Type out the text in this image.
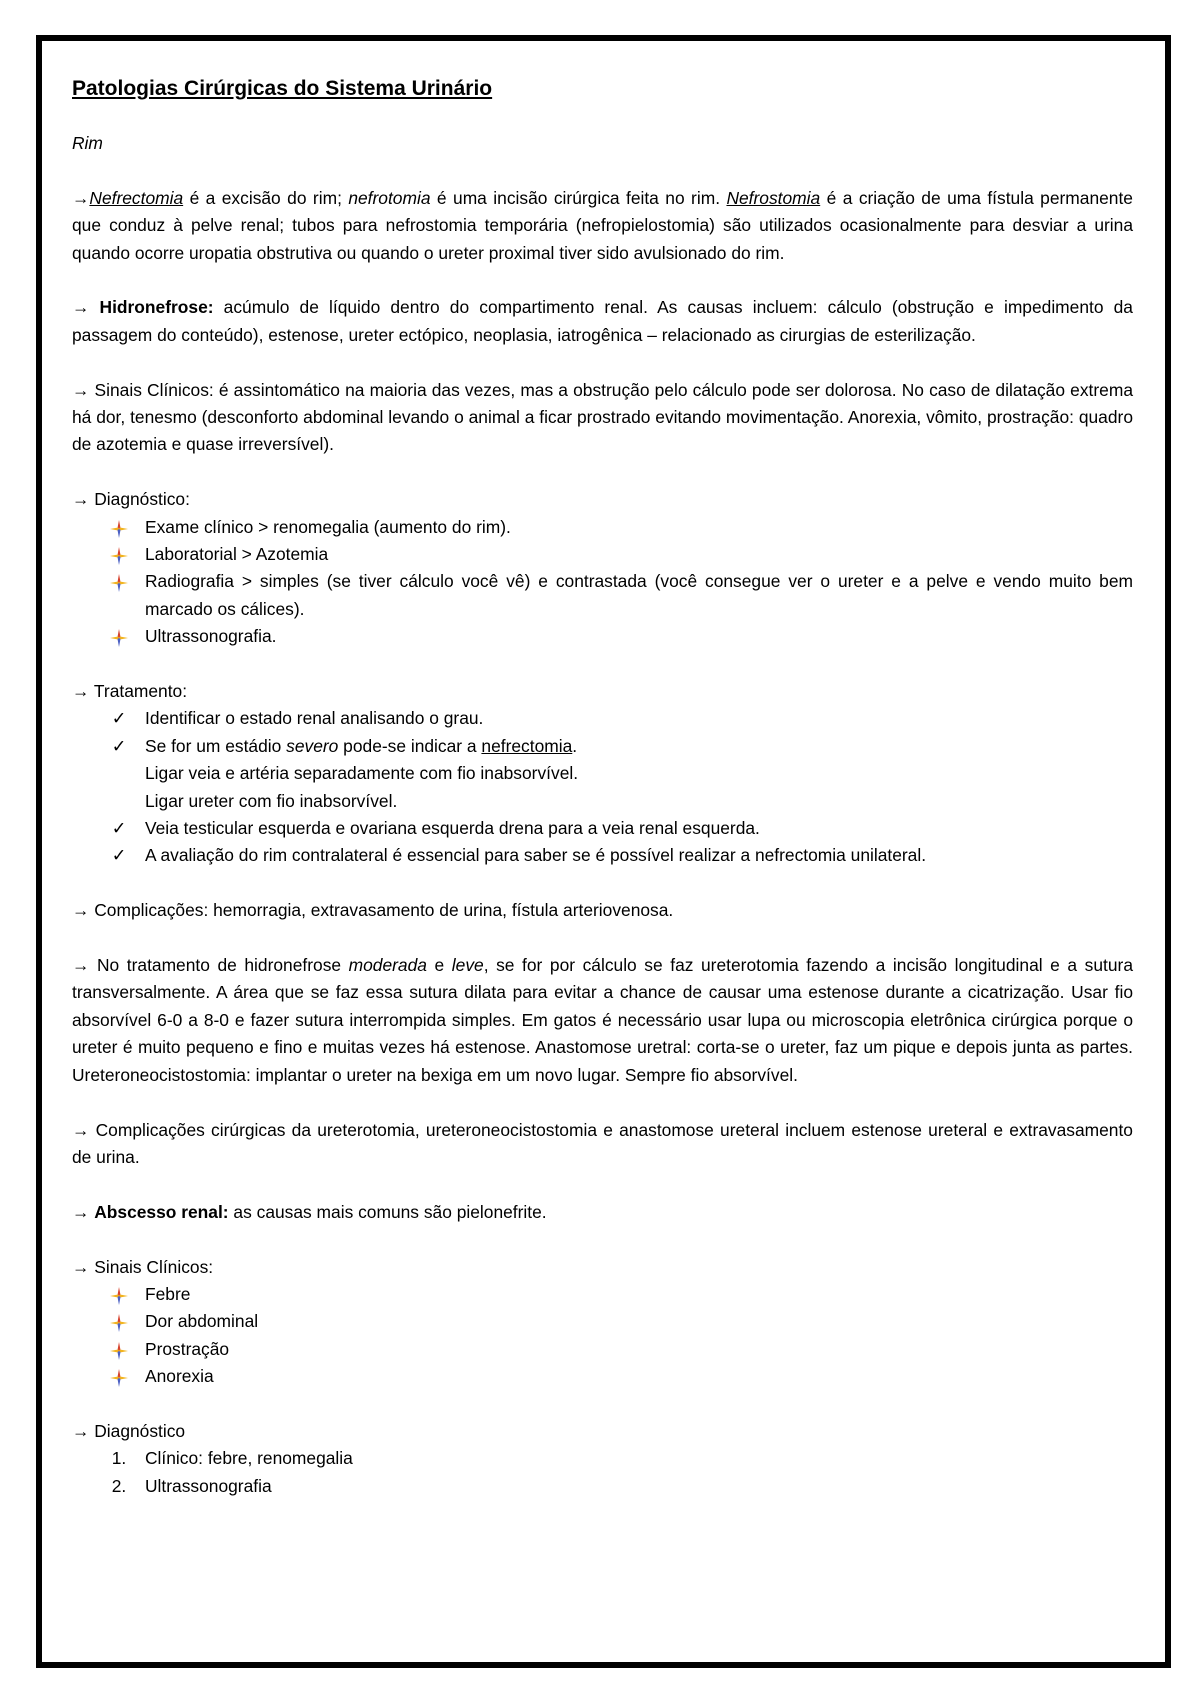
Patologias Cirúrgicas do Sistema Urinário

Rim

→Nefrectomia é a excisão do rim; nefrotomia é uma incisão cirúrgica feita no rim. Nefrostomia é a criação de uma fístula permanente que conduz à pelve renal; tubos para nefrostomia temporária (nefropielostomia) são utilizados ocasionalmente para desviar a urina quando ocorre uropatia obstrutiva ou quando o ureter proximal tiver sido avulsionado do rim.

→ Hidronefrose: acúmulo de líquido dentro do compartimento renal. As causas incluem: cálculo (obstrução e impedimento da passagem do conteúdo), estenose, ureter ectópico, neoplasia, iatrogênica – relacionado as cirurgias de esterilização.

→ Sinais Clínicos: é assintomático na maioria das vezes, mas a obstrução pelo cálculo pode ser dolorosa. No caso de dilatação extrema há dor, tenesmo (desconforto abdominal levando o animal a ficar prostrado evitando movimentação. Anorexia, vômito, prostração: quadro de azotemia e quase irreversível).

→ Diagnóstico:

Exame clínico > renomegalia (aumento do rim).
Laboratorial > Azotemia
Radiografia > simples (se tiver cálculo você vê) e contrastada (você consegue ver o ureter e a pelve e vendo muito bem marcado os cálices).
Ultrassonografia.

→ Tratamento:

✓ Identificar o estado renal analisando o grau.
✓ Se for um estádio severo pode-se indicar a nefrectomia.
Ligar veia e artéria separadamente com fio inabsorvível.
Ligar ureter com fio inabsorvível.
✓ Veia testicular esquerda e ovariana esquerda drena para a veia renal esquerda.
✓ A avaliação do rim contralateral é essencial para saber se é possível realizar a nefrectomia unilateral.

→ Complicações: hemorragia, extravasamento de urina, fístula arteriovenosa.

→ No tratamento de hidronefrose moderada e leve, se for por cálculo se faz ureterotomia fazendo a incisão longitudinal e a sutura transversalmente. A área que se faz essa sutura dilata para evitar a chance de causar uma estenose durante a cicatrização. Usar fio absorvível 6-0 a 8-0 e fazer sutura interrompida simples. Em gatos é necessário usar lupa ou microscopia eletrônica cirúrgica porque o ureter é muito pequeno e fino e muitas vezes há estenose. Anastomose uretral: corta-se o ureter, faz um pique e depois junta as partes. Ureteroneocistostomia: implantar o ureter na bexiga em um novo lugar. Sempre fio absorvível.

→ Complicações cirúrgicas da ureterotomia, ureteroneocistostomia e anastomose ureteral incluem estenose ureteral e extravasamento de urina.

→ Abscesso renal: as causas mais comuns são pielonefrite.

→ Sinais Clínicos:

Febre
Dor abdominal
Prostração
Anorexia

→ Diagnóstico

1. Clínico: febre, renomegalia
2. Ultrassonografia
